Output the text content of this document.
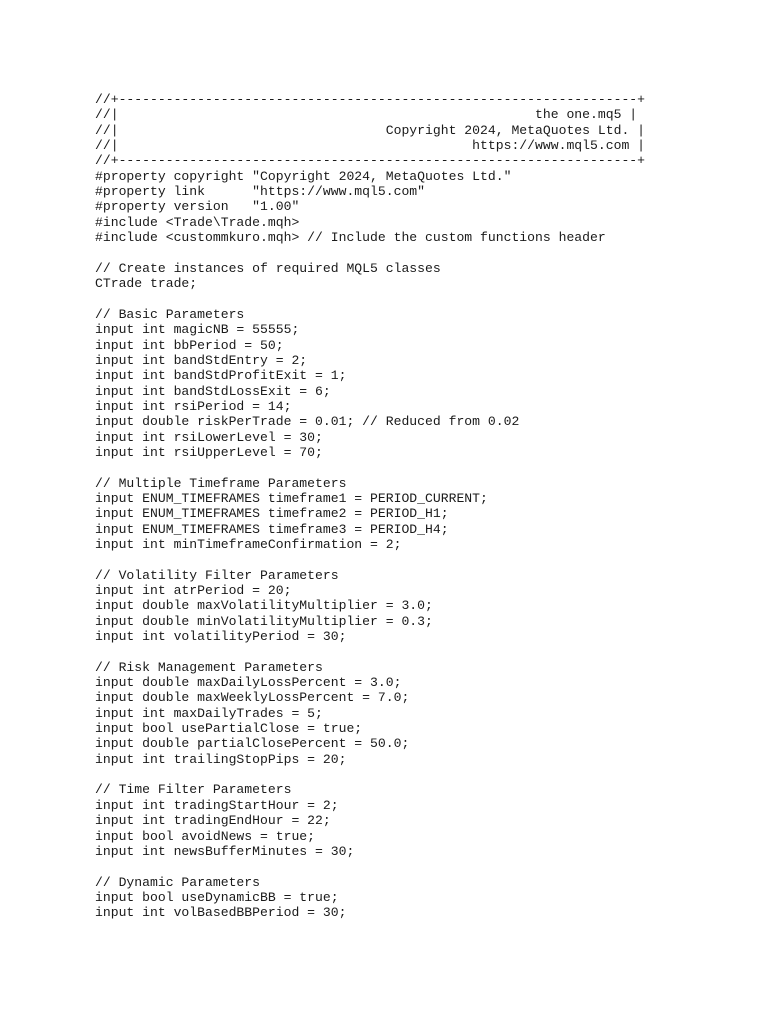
//+------------------------------------------------------------------+
//|                                                     the one.mq5 |
//|                                  Copyright 2024, MetaQuotes Ltd. |
//|                                             https://www.mql5.com |
//+------------------------------------------------------------------+
#property copyright "Copyright 2024, MetaQuotes Ltd."
#property link      "https://www.mql5.com"
#property version   "1.00"
#include <Trade\Trade.mqh>
#include <custommkuro.mqh> // Include the custom functions header
// Create instances of required MQL5 classes
CTrade trade;
// Basic Parameters
input int magicNB = 55555;
input int bbPeriod = 50;
input int bandStdEntry = 2;
input int bandStdProfitExit = 1;
input int bandStdLossExit = 6;
input int rsiPeriod = 14;
input double riskPerTrade = 0.01; // Reduced from 0.02
input int rsiLowerLevel = 30;
input int rsiUpperLevel = 70;
// Multiple Timeframe Parameters
input ENUM_TIMEFRAMES timeframe1 = PERIOD_CURRENT;
input ENUM_TIMEFRAMES timeframe2 = PERIOD_H1;
input ENUM_TIMEFRAMES timeframe3 = PERIOD_H4;
input int minTimeframeConfirmation = 2;
// Volatility Filter Parameters
input int atrPeriod = 20;
input double maxVolatilityMultiplier = 3.0;
input double minVolatilityMultiplier = 0.3;
input int volatilityPeriod = 30;
// Risk Management Parameters
input double maxDailyLossPercent = 3.0;
input double maxWeeklyLossPercent = 7.0;
input int maxDailyTrades = 5;
input bool usePartialClose = true;
input double partialClosePercent = 50.0;
input int trailingStopPips = 20;
// Time Filter Parameters
input int tradingStartHour = 2;
input int tradingEndHour = 22;
input bool avoidNews = true;
input int newsBufferMinutes = 30;
// Dynamic Parameters
input bool useDynamicBB = true;
input int volBasedBBPeriod = 30;
